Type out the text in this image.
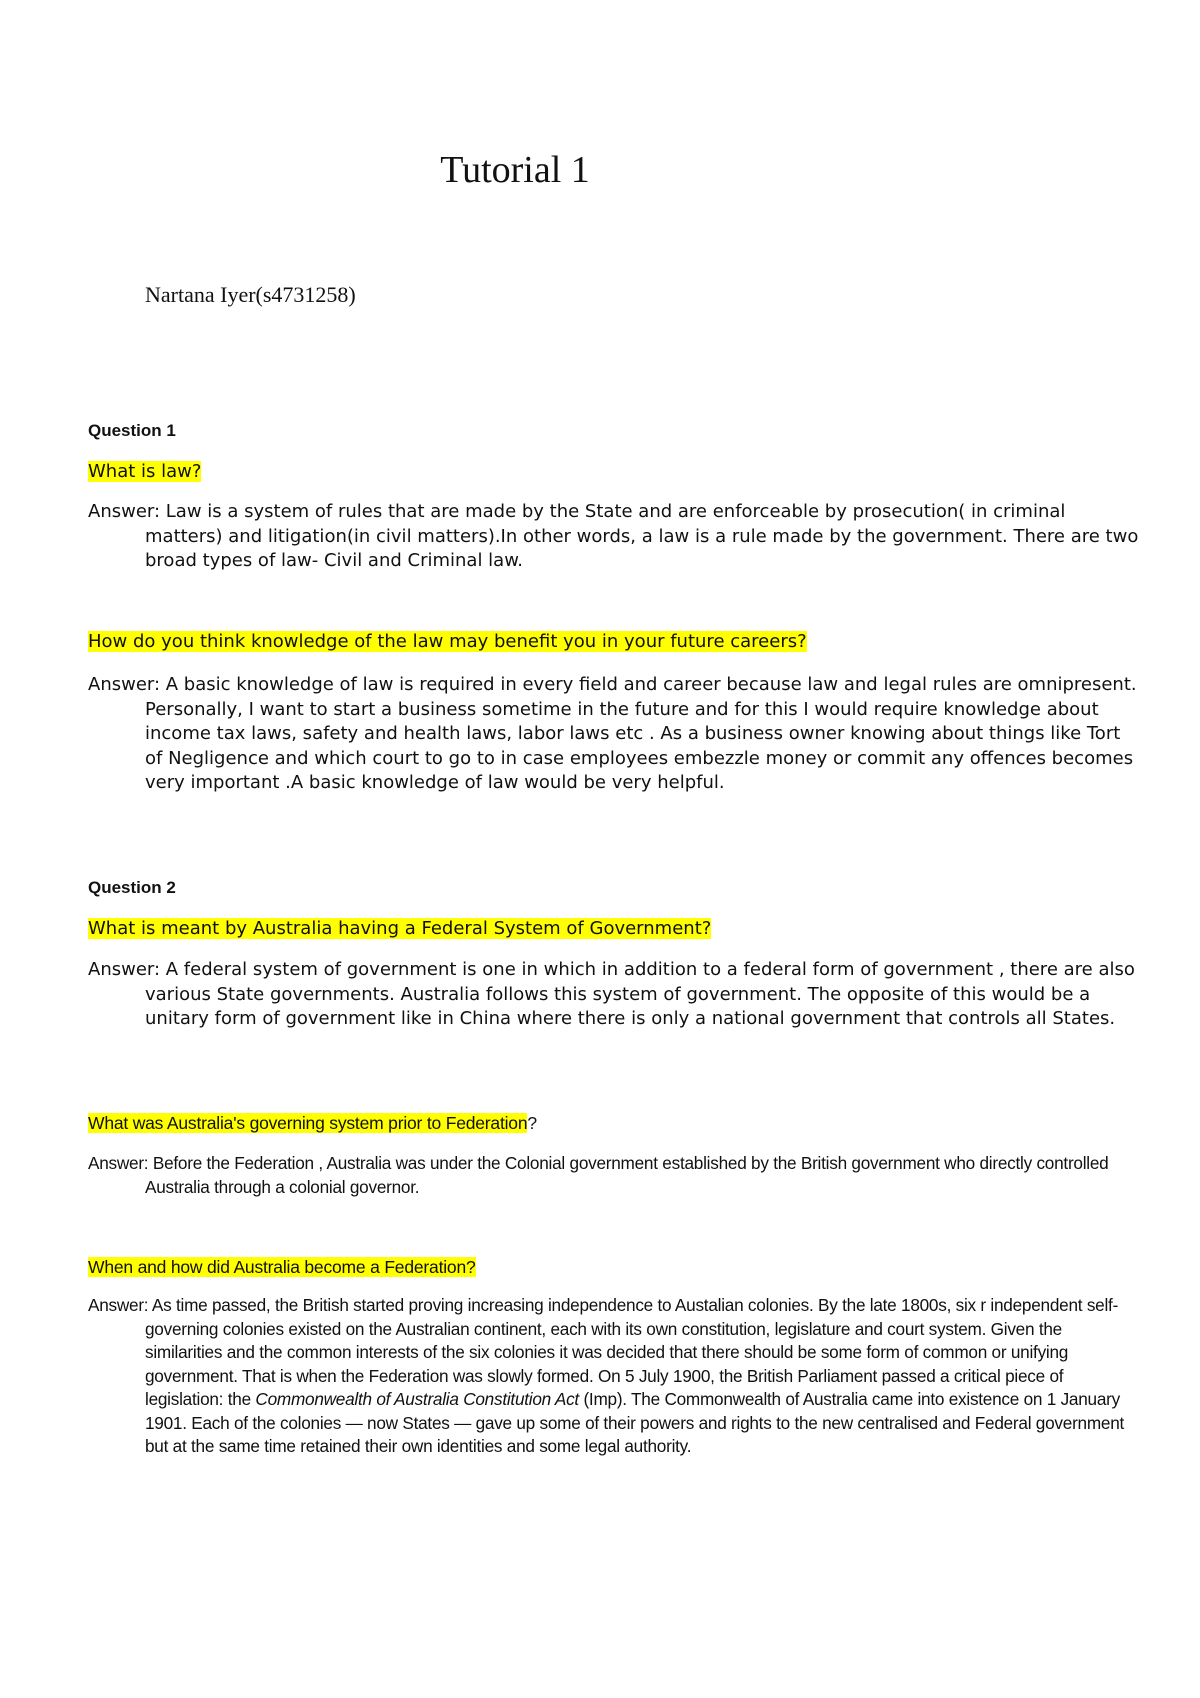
Tutorial 1
Nartana Iyer(s4731258)
Question 1
What is law?

Answer: Law is a system of rules that are made by the State and are enforceable by prosecution( in criminal matters) and litigation(in civil matters).In other words, a law is a rule made by the government. There are two broad types of law- Civil and Criminal law.

How do you think knowledge of the law may benefit you in your future careers?

Answer: A basic knowledge of law is required in every field and career because law and legal rules are omnipresent. Personally, I want to start a business sometime in the future and for this I would require knowledge about income tax laws, safety and health laws, labor laws etc . As a business owner knowing about things like Tort of Negligence and which court to go to in case employees embezzle money or commit any offences becomes very important .A basic knowledge of law would be very helpful.

Question 2
What is meant by Australia having a Federal System of Government?

Answer: A federal system of government is one in which in addition to a federal form of government , there are also various State governments. Australia follows this system of government. The opposite of this would be a unitary form of government like in China where there is only a national government that controls all States.

What was Australia's governing system prior to Federation?

Answer: Before the Federation , Australia was under the Colonial government established by the British government who directly controlled Australia through a colonial governor.

When and how did Australia become a Federation?

Answer: As time passed, the British started proving increasing independence to Austalian colonies. By the late 1800s, six r independent self-governing colonies existed on the Australian continent, each with its own constitution, legislature and court system. Given the similarities and the common interests of the six colonies it was decided that there should be some form of common or unifying government. That is when the Federation was slowly formed. On 5 July 1900, the British Parliament passed a critical piece of legislation: the Commonwealth of Australia Constitution Act (Imp). The Commonwealth of Australia came into existence on 1 January 1901. Each of the colonies — now States — gave up some of their powers and rights to the new centralised and Federal government but at the same time retained their own identities and some legal authority.
